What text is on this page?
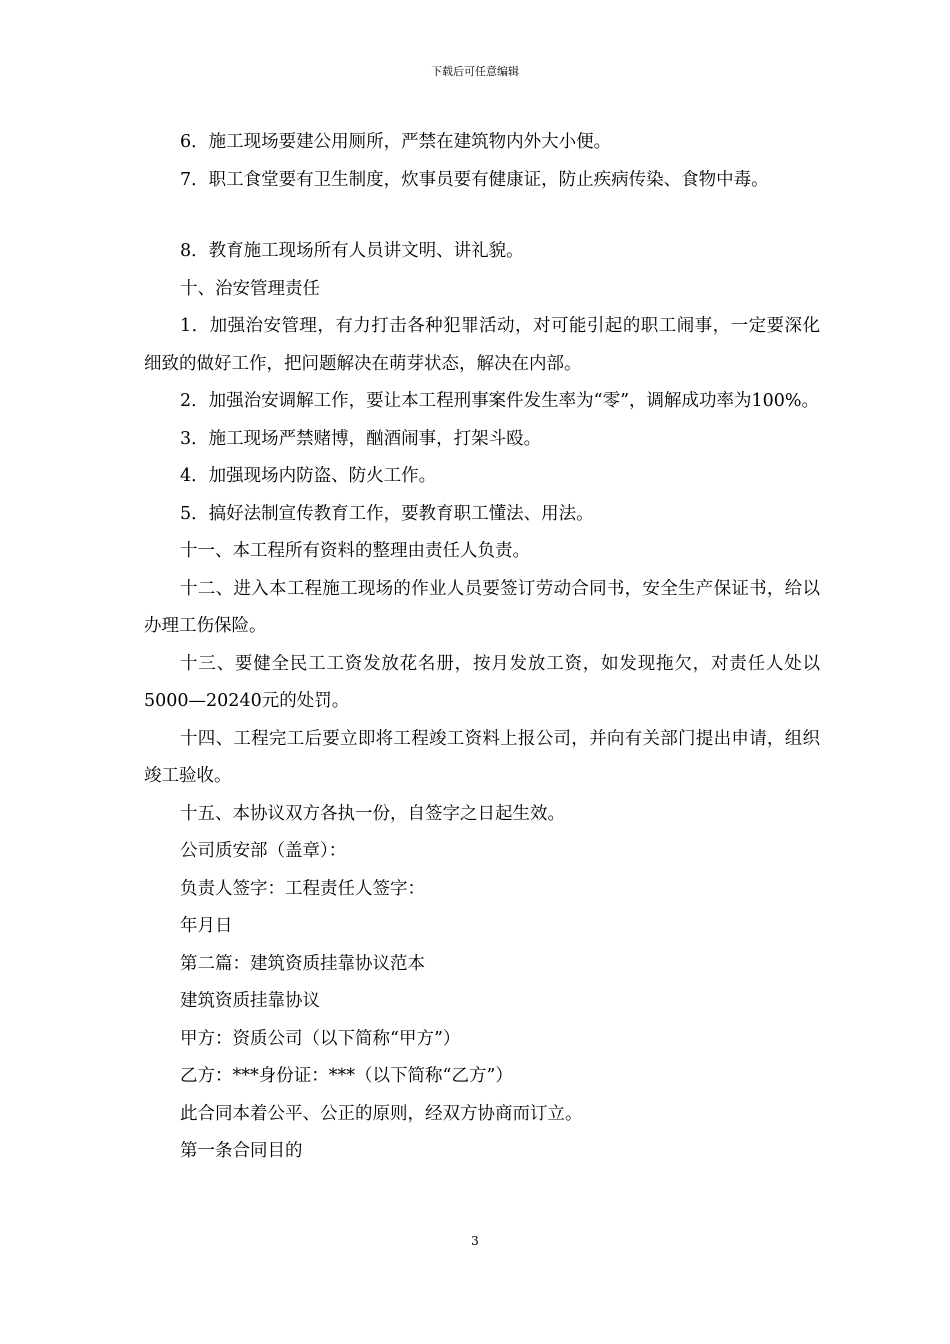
下载后可任意编辑

6．施工现场要建公用厕所，严禁在建筑物内外大小便。

7．职工食堂要有卫生制度，炊事员要有健康证，防止疾病传染、食物中毒。

8．教育施工现场所有人员讲文明、讲礼貌。

十、治安管理责任

1．加强治安管理，有力打击各种犯罪活动，对可能引起的职工闹事，一定要深化细致的做好工作，把问题解决在萌芽状态，解决在内部。

2．加强治安调解工作，要让本工程刑事案件发生率为“零”，调解成功率为100%。

3．施工现场严禁赌博，酗酒闹事，打架斗殴。

4．加强现场内防盗、防火工作。

5．搞好法制宣传教育工作，要教育职工懂法、用法。

十一、本工程所有资料的整理由责任人负责。

十二、进入本工程施工现场的作业人员要签订劳动合同书，安全生产保证书，给以办理工伤保险。

十三、要健全民工工资发放花名册，按月发放工资，如发现拖欠，对责任人处以5000—20240元的处罚。

十四、工程完工后要立即将工程竣工资料上报公司，并向有关部门提出申请，组织竣工验收。

十五、本协议双方各执一份，自签字之日起生效。

公司质安部（盖章）：

负责人签字：工程责任人签字：

年月日

第二篇：建筑资质挂靠协议范本

建筑资质挂靠协议

甲方：资质公司（以下简称“甲方”）

乙方：***身份证：***（以下简称“乙方”）

此合同本着公平、公正的原则，经双方协商而订立。

第一条合同目的

3
